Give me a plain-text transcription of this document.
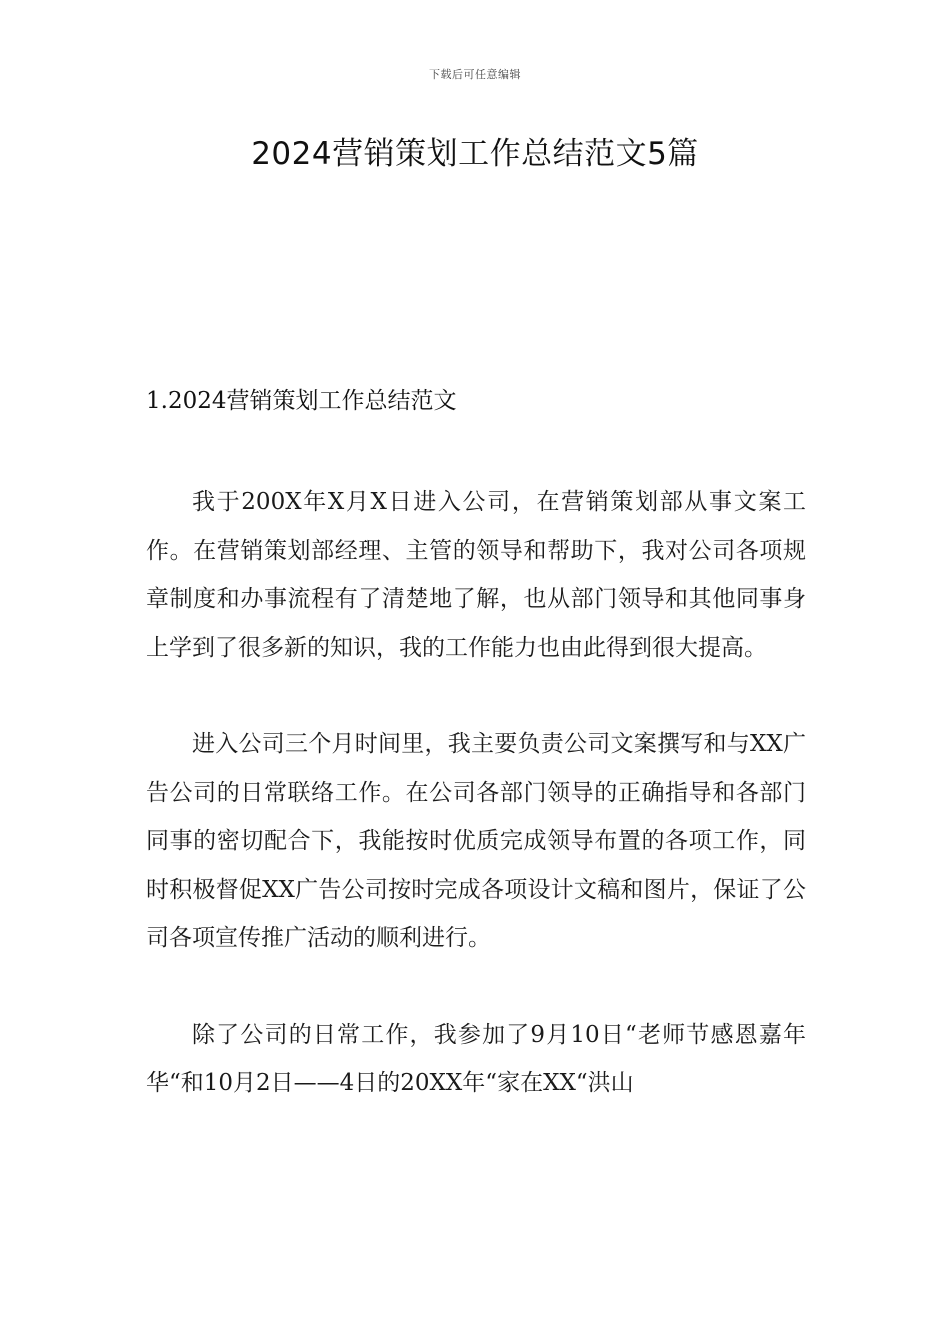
下载后可任意编辑
2024营销策划工作总结范文5篇
1.2024营销策划工作总结范文

我于200X年X月X日进入公司，在营销策划部从事文案工作。在营销策划部经理、主管的领导和帮助下，我对公司各项规章制度和办事流程有了清楚地了解，也从部门领导和其他同事身上学到了很多新的知识，我的工作能力也由此得到很大提高。

进入公司三个月时间里，我主要负责公司文案撰写和与XX广告公司的日常联络工作。在公司各部门领导的正确指导和各部门同事的密切配合下，我能按时优质完成领导布置的各项工作，同时积极督促XX广告公司按时完成各项设计文稿和图片，保证了公司各项宣传推广活动的顺利进行。

除了公司的日常工作，我参加了9月10日“老师节感恩嘉年华“和10月2日——4日的20XX年“家在XX“洪山
